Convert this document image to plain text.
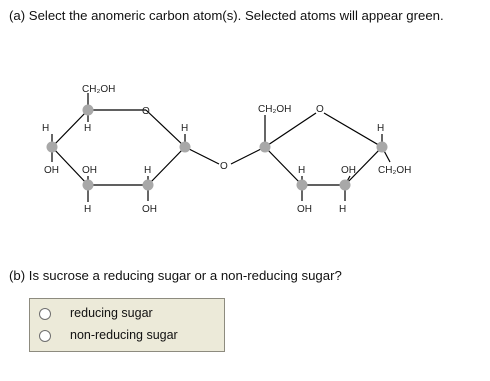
(a) Select the anomeric carbon atom(s). Selected atoms will appear green.
CH₂OH
O
H	H	H
OH OH	H
H	OH
O
CH₂OH O
H
H	OH CH₂OH
OH	H
(b) Is sucrose a reducing sugar or a non-reducing sugar?
reducing sugar
non-reducing sugar
